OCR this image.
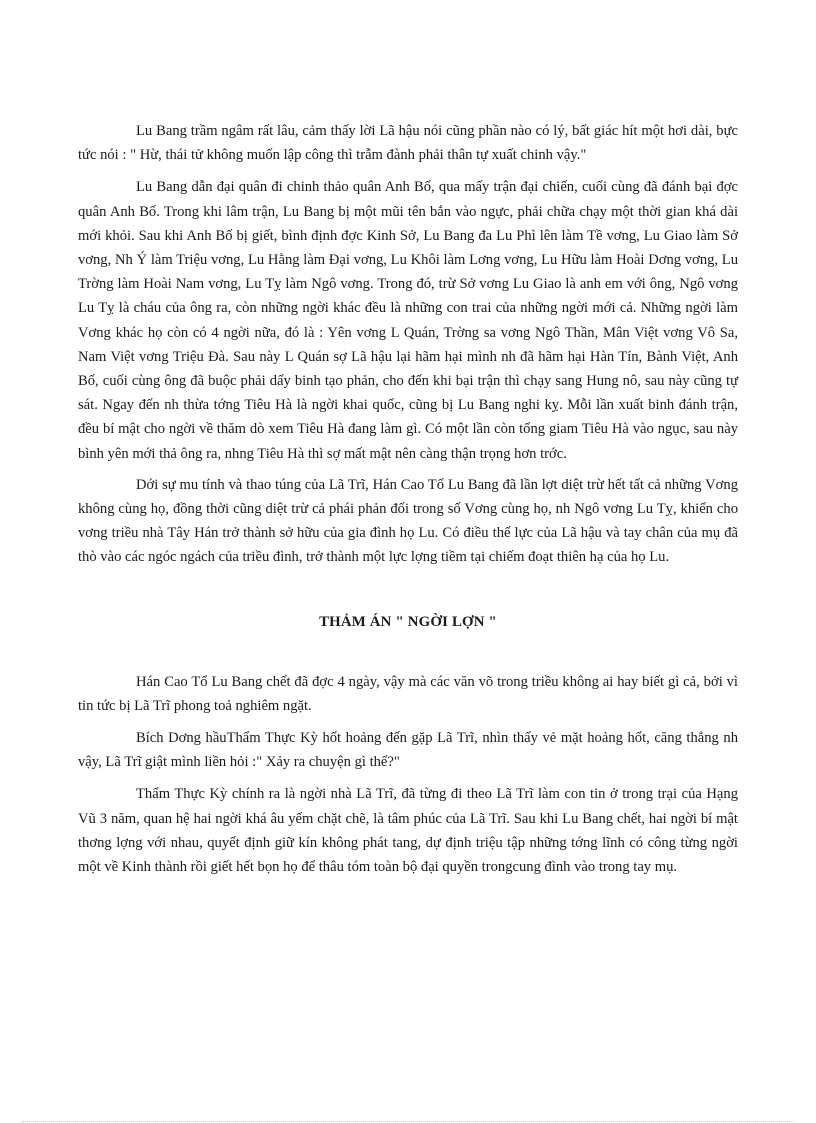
Lu Bang trầm ngâm rất lâu, cảm thấy lời Lã hậu nói cũng phần nào có lý, bất giác hít một hơi dài, bực tức nói : " Hừ, thái tử không muốn lập công thì trẫm đành phải thân tự xuất chinh vậy."

Lu Bang dẫn đại quân đi chinh thảo quân Anh Bố, qua mấy trận đại chiến, cuối cùng đã đánh bại đợc quân Anh Bố. Trong khi lâm trận, Lu Bang bị một mũi tên bắn vào ngực, phải chữa chạy một thời gian khá dài mới khỏi. Sau khi Anh Bố bị giết, bình định đợc Kinh Sở, Lu Bang đa Lu Phì lên làm Tề vơng, Lu Giao làm Sở vơng, Nh Ý làm Triệu vơng, Lu Hằng làm Đại vơng, Lu Khôi làm Lơng vơng, Lu Hữu làm Hoài Dơng vơng, Lu Trờng làm Hoài Nam vơng, Lu Tỵ làm Ngô vơng. Trong đó, trừ Sở vơng Lu Giao là anh em với ông, Ngô vơng Lu Tỵ là cháu của ông ra, còn những ngời khác đều là những con trai của những ngời mới cả. Những ngời làm Vơng khác họ còn có 4 ngời nữa, đó là : Yên vơng L Quán, Trờng sa vơng Ngô Thần, Mân Việt vơng Vô Sa, Nam Việt vơng Triệu Đà. Sau này L Quán sợ Lã hậu lại hãm hại mình nh đã hãm hại Hàn Tín, Bành Việt, Anh Bố, cuối cùng ông đã buộc phải dấy binh tạo phản, cho đến khi bại trận thì chạy sang Hung nô, sau này cũng tự sát. Ngay đến nh thừa tớng Tiêu Hà là ngời khai quốc, cũng bị Lu Bang nghi kỵ. Mỗi lần xuất binh đánh trận, đều bí mật cho ngời về thăm dò xem Tiêu Hà đang làm gì. Có một lần còn tống giam Tiêu Hà vào ngục, sau này bình yên mới thả ông ra, nhng Tiêu Hà thì sợ mất mật nên càng thận trọng hơn trớc.

Dới sự mu tính và thao túng của Lã Trĩ, Hán Cao Tổ Lu Bang đã lần lợt diệt trừ hết tất cả những Vơng không cùng họ, đồng thời cũng diệt trừ cả phái phản đối trong số Vơng cùng họ, nh Ngô vơng Lu Tỵ, khiến cho vơng triều nhà Tây Hán trở thành sở hữu của gia đình họ Lu. Có điều thế lực của Lã hậu và tay chân của mụ đã thò vào các ngóc ngách của triều đình, trở thành một lực lợng tiềm tại chiếm đoạt thiên hạ của họ Lu.

THẢM ÁN " NGỜI LỢN "

Hán Cao Tổ Lu Bang chết đã đợc 4 ngày, vậy mà các văn võ trong triều không ai hay biết gì cả, bởi vì tin tức bị Lã Trĩ phong toả nghiêm ngặt.

Bích Dơng hầuThẩm Thực Kỳ hốt hoảng đến gặp Lã Trĩ, nhìn thấy vẻ mặt hoảng hốt, căng thẳng nh vậy, Lã Trĩ giật mình liền hỏi :" Xảy ra chuyện gì thế?"

Thẩm Thực Kỳ chính ra là ngời nhà Lã Trĩ, đã từng đi theo Lã Trĩ làm con tin ở trong trại của Hạng Vũ 3 năm, quan hệ hai ngời khá âu yếm chặt chẽ, là tâm phúc của Lã Trĩ. Sau khi Lu Bang chết, hai ngời bí mật thơng lợng với nhau, quyết định giữ kín không phát tang, dự định triệu tập những tớng lĩnh có công từng ngời một về Kinh thành rồi giết hết bọn họ để thâu tóm toàn bộ đại quyền trongcung đình vào trong tay mụ.
